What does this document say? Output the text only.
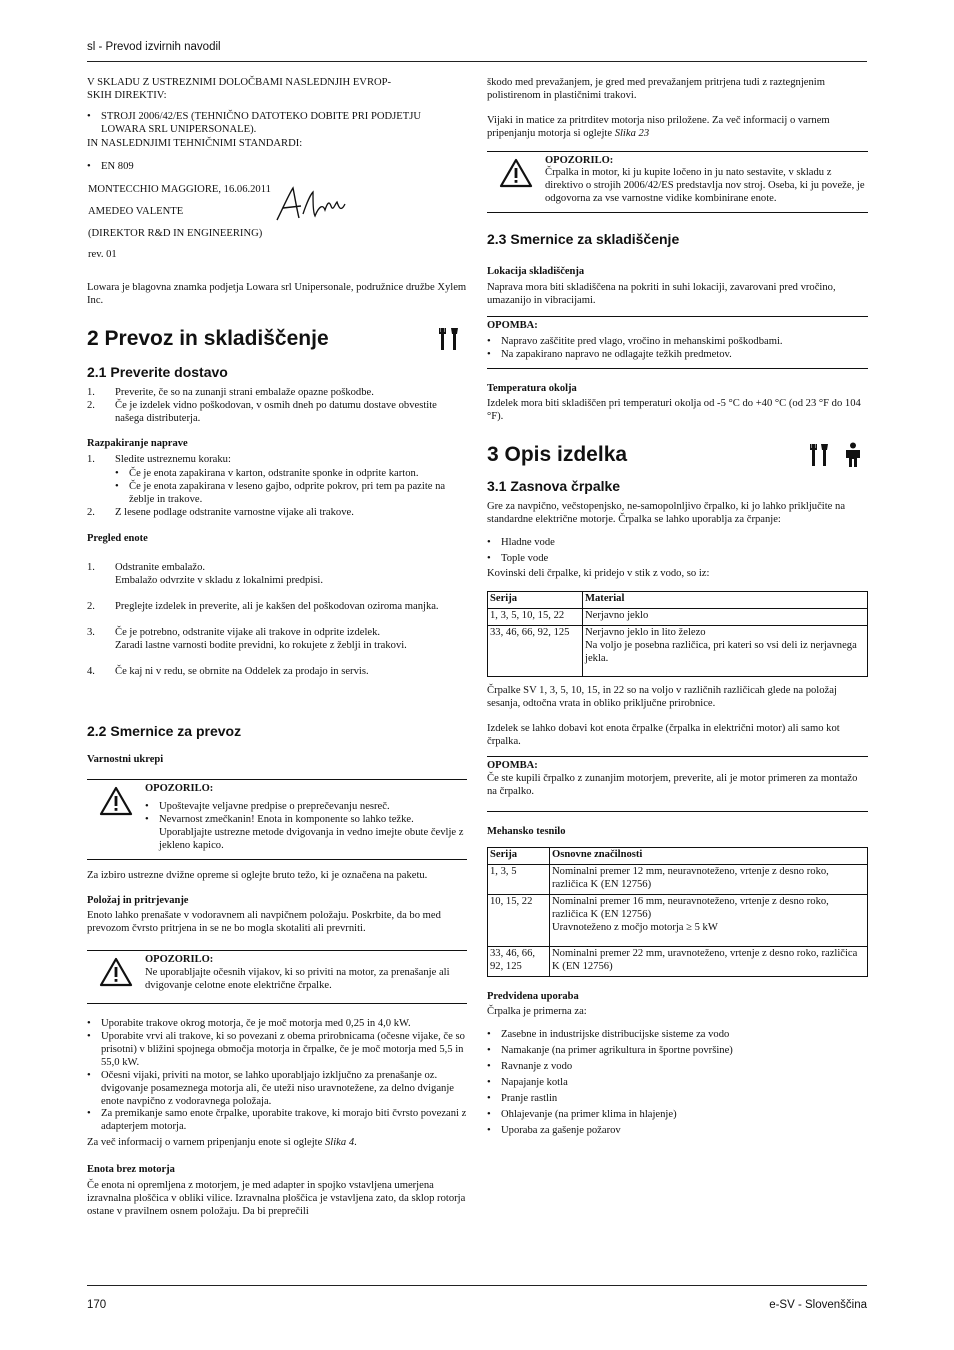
sl - Prevod izvirnih navodil

V SKLADU Z USTREZNIMI DOLOČBAMI NASLEDNJIH EVROP-
SKIH DIREKTIV:

• STROJI 2006/42/ES (TEHNIČNO DATOTEKO DOBITE PRI PODJETJU LOWARA SRL UNIPERSONALE).

IN NASLEDNJIMI TEHNIČNIMI STANDARDI:

• EN 809

MONTECCHIO MAGGIORE, 16.06.2011

AMEDEO VALENTE

(DIREKTOR R&D IN ENGINEERING)

rev. 01

Lowara je blagovna znamka podjetja Lowara srl Unipersonale, podružnice družbe Xylem Inc.

2 Prevoz in skladiščenje
2.1 Preverite dostavo
1. Preverite, če so na zunanji strani embalaže opazne poškodbe.
2. Če je izdelek vidno poškodovan, v osmih dneh po datumu dostave obvestite našega distributerja.

Razpakiranje naprave

1. Sledite ustreznemu koraku:
• Če je enota zapakirana v karton, odstranite sponke in odprite karton.
• Če je enota zapakirana v leseno gajbo, odprite pokrov, pri tem pa pazite na žeblje in trakove.
2. Z lesene podlage odstranite varnostne vijake ali trakove.

Pregled enote

1. Odstranite embalažo.
Embalažo odvrzite v skladu z lokalnimi predpisi.

2. Preglejte izdelek in preverite, ali je kakšen del poškodovan oziroma manjka.

3. Če je potrebno, odstranite vijake ali trakove in odprite izdelek.
Zaradi lastne varnosti bodite previdni, ko rokujete z žeblji in trakovi.

4. Če kaj ni v redu, se obrnite na Oddelek za prodajo in servis.

2.2 Smernice za prevoz

Varnostni ukrepi

OPOZORILO:

• Upoštevajte veljavne predpise o preprečevanju nesreč.
• Nevarnost zmečkanin! Enota in komponente so lahko težke. Uporabljajte ustrezne metode dvigovanja in vedno imejte obute čevlje z jekleno kapico.

Za izbiro ustrezne dvižne opreme si oglejte bruto težo, ki je označena na paketu.

Položaj in pritrjevanje

Enoto lahko prenašate v vodoravnem ali navpičnem položaju. Poskrbite, da bo med prevozom čvrsto pritrjena in se ne bo mogla skotaliti ali prevrniti.

OPOZORILO:

Ne uporabljajte očesnih vijakov, ki so priviti na motor, za prenašanje ali dvigovanje celotne enote električne črpalke.

• Uporabite trakove okrog motorja, če je moč motorja med 0,25 in 4,0 kW.
• Uporabite vrvi ali trakove, ki so povezani z obema prirobnicama (očesne vijake, če so prisotni) v bližini spojnega območja motorja in črpalke, če je moč motorja med 5,5 in 55,0 kW.
• Očesni vijaki, priviti na motor, se lahko uporabljajo izključno za prenašanje oz. dvigovanje posameznega motorja ali, če uteži niso uravnotežene, za delno dviganje enote navpično z vodoravnega položaja.
• Za premikanje samo enote črpalke, uporabite trakove, ki morajo biti čvrsto povezani z adapterjem motorja.

Za več informacij o varnem pripenjanju enote si oglejte Slika 4.

Enota brez motorja

Če enota ni opremljena z motorjem, je med adapter in spojko vstavljena umerjena izravnalna ploščica v obliki vilice. Izravnalna ploščica je vstavljena zato, da sklop rotorja ostane v pravilnem osnem položaju. Da bi preprečili

škodo med prevažanjem, je gred med prevažanjem pritrjena tudi z raztegnjenim polistirenom in plastičnimi trakovi.

Vijaki in matice za pritrditev motorja niso priložene. Za več informacij o varnem pripenjanju motorja si oglejte Slika 23

OPOZORILO:

Črpalka in motor, ki ju kupite ločeno in ju nato sestavite, v skladu z direktivo o strojih 2006/42/ES predstavlja nov stroj. Oseba, ki ju poveže, je odgovorna za vse varnostne vidike kombinirane enote.

2.3 Smernice za skladiščenje

Lokacija skladiščenja

Naprava mora biti skladiščena na pokriti in suhi lokaciji, zavarovani pred vročino, umazanijo in vibracijami.

OPOMBA:

• Napravo zaščitite pred vlago, vročino in mehanskimi poškodbami.
• Na zapakirano napravo ne odlagajte težkih predmetov.

Temperatura okolja

Izdelek mora biti skladiščen pri temperaturi okolja od -5 °C do +40 °C (od 23 °F do 104 °F).

3 Opis izdelka
3.1 Zasnova črpalke

Gre za navpično, večstopenjsko, ne-samopolnljivo črpalko, ki jo lahko priključite na standardne električne motorje. Črpalka se lahko uporablja za črpanje:

• Hladne vode
• Tople vode

Kovinski deli črpalke, ki pridejo v stik z vodo, so iz:

Serija	Material
1, 3, 5, 10, 15, 22	Nerjavno jeklo
33, 46, 66, 92, 125	Nerjavno jeklo in lito železo
Na voljo je posebna različica, pri kateri so vsi deli iz nerjavnega jekla.

Črpalke SV 1, 3, 5, 10, 15, in 22 so na voljo v različnih različicah glede na položaj sesanja, odtočna vrata in obliko priključne prirobnice.

Izdelek se lahko dobavi kot enota črpalke (črpalka in električni motor) ali samo kot črpalka.

OPOMBA:

Če ste kupili črpalko z zunanjim motorjem, preverite, ali je motor primeren za montažo na črpalko.

Mehansko tesnilo

Serija	Osnovne značilnosti
1, 3, 5	Nominalni premer 12 mm, neuravnoteženo, vrtenje z desno roko, različica K (EN 12756)
10, 15, 22	Nominalni premer 16 mm, neuravnoteženo, vrtenje z desno roko, različica K (EN 12756)
Uravnoteženo z močjo motorja ≥ 5 kW
33, 46, 66, 92, 125	Nominalni premer 22 mm, uravnoteženo, vrtenje z desno roko, različica K (EN 12756)

Predvidena uporaba

Črpalka je primerna za:

• Zasebne in industrijske distribucijske sisteme za vodo
• Namakanje (na primer agrikultura in športne površine)
• Ravnanje z vodo
• Napajanje kotla
• Pranje rastlin
• Ohlajevanje (na primer klima in hlajenje)
• Uporaba za gašenje požarov
170	e-SV - Slovenščina
